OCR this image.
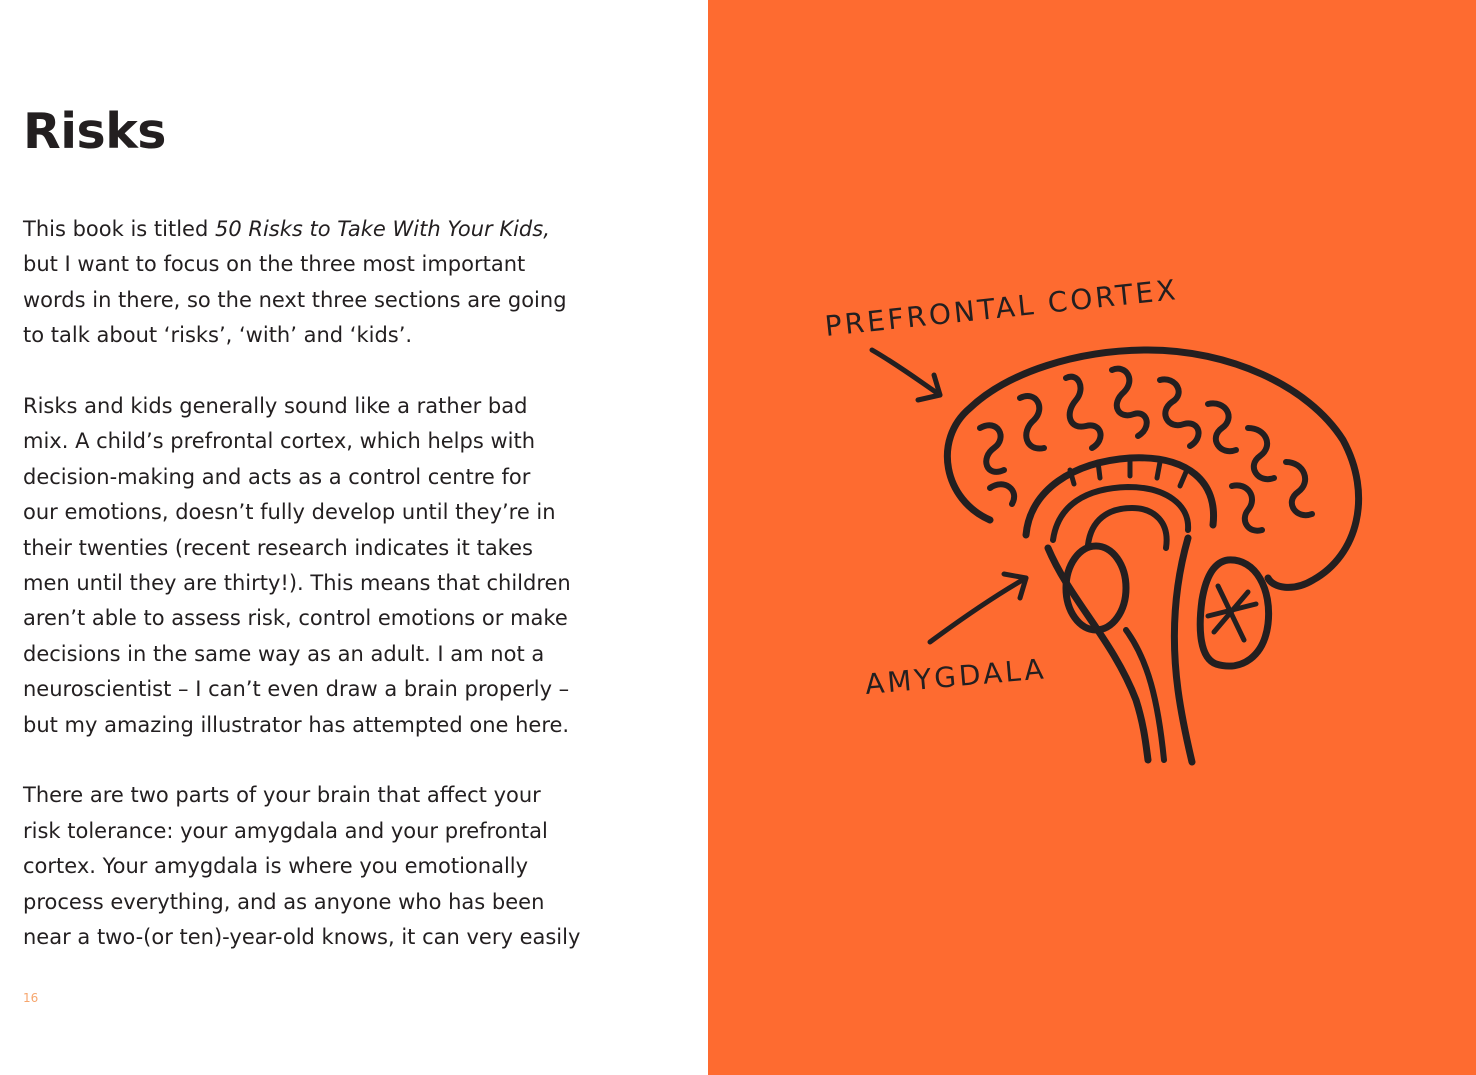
Risks

This book is titled 50 Risks to Take With Your Kids,
but I want to focus on the three most important
words in there, so the next three sections are going
to talk about ‘risks’, ‘with’ and ‘kids’.

Risks and kids generally sound like a rather bad
mix. A child’s prefrontal cortex, which helps with
decision-making and acts as a control centre for
our emotions, doesn’t fully develop until they’re in
their twenties (recent research indicates it takes
men until they are thirty!). This means that children
aren’t able to assess risk, control emotions or make
decisions in the same way as an adult. I am not a
neuroscientist – I can’t even draw a brain properly –
but my amazing illustrator has attempted one here.

There are two parts of your brain that affect your
risk tolerance: your amygdala and your prefrontal
cortex. Your amygdala is where you emotionally
process everything, and as anyone who has been
near a two-(or ten)-year-old knows, it can very easily

16
PREFRONTAL CORTEX
AMYGDALA
